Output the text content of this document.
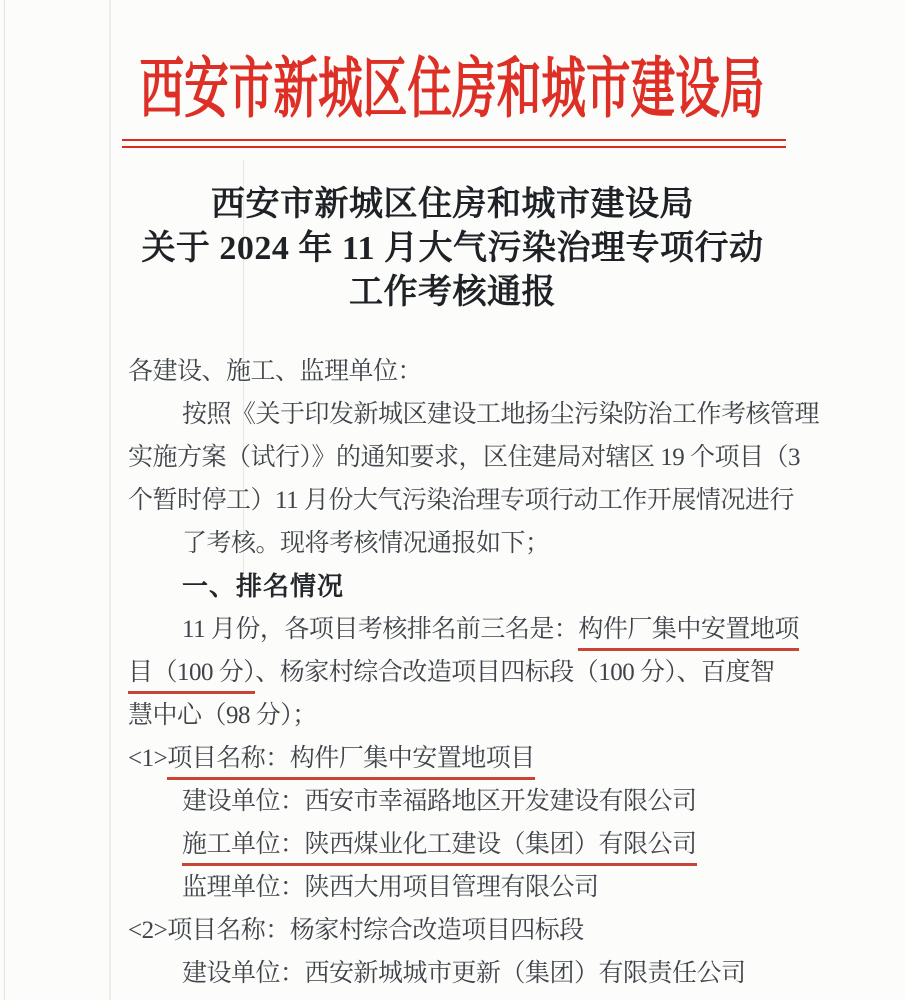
西安市新城区住房和城市建设局
西安市新城区住房和城市建设局
关于 2024 年 11 月大气污染治理专项行动
工作考核通报
各建设、施工、监理单位：
按照《关于印发新城区建设工地扬尘污染防治工作考核管理
实施方案（试行）》的通知要求，区住建局对辖区 19 个项目（3
个暂时停工）11 月份大气污染治理专项行动工作开展情况进行
了考核。现将考核情况通报如下；
一、排名情况
11 月份，各项目考核排名前三名是：构件厂集中安置地项
目（100 分）、杨家村综合改造项目四标段（100 分）、百度智
慧中心（98 分）；
<1>项目名称：构件厂集中安置地项目
建设单位：西安市幸福路地区开发建设有限公司
施工单位：陕西煤业化工建设（集团）有限公司
监理单位：陕西大用项目管理有限公司
<2>项目名称：杨家村综合改造项目四标段
建设单位：西安新城城市更新（集团）有限责任公司
